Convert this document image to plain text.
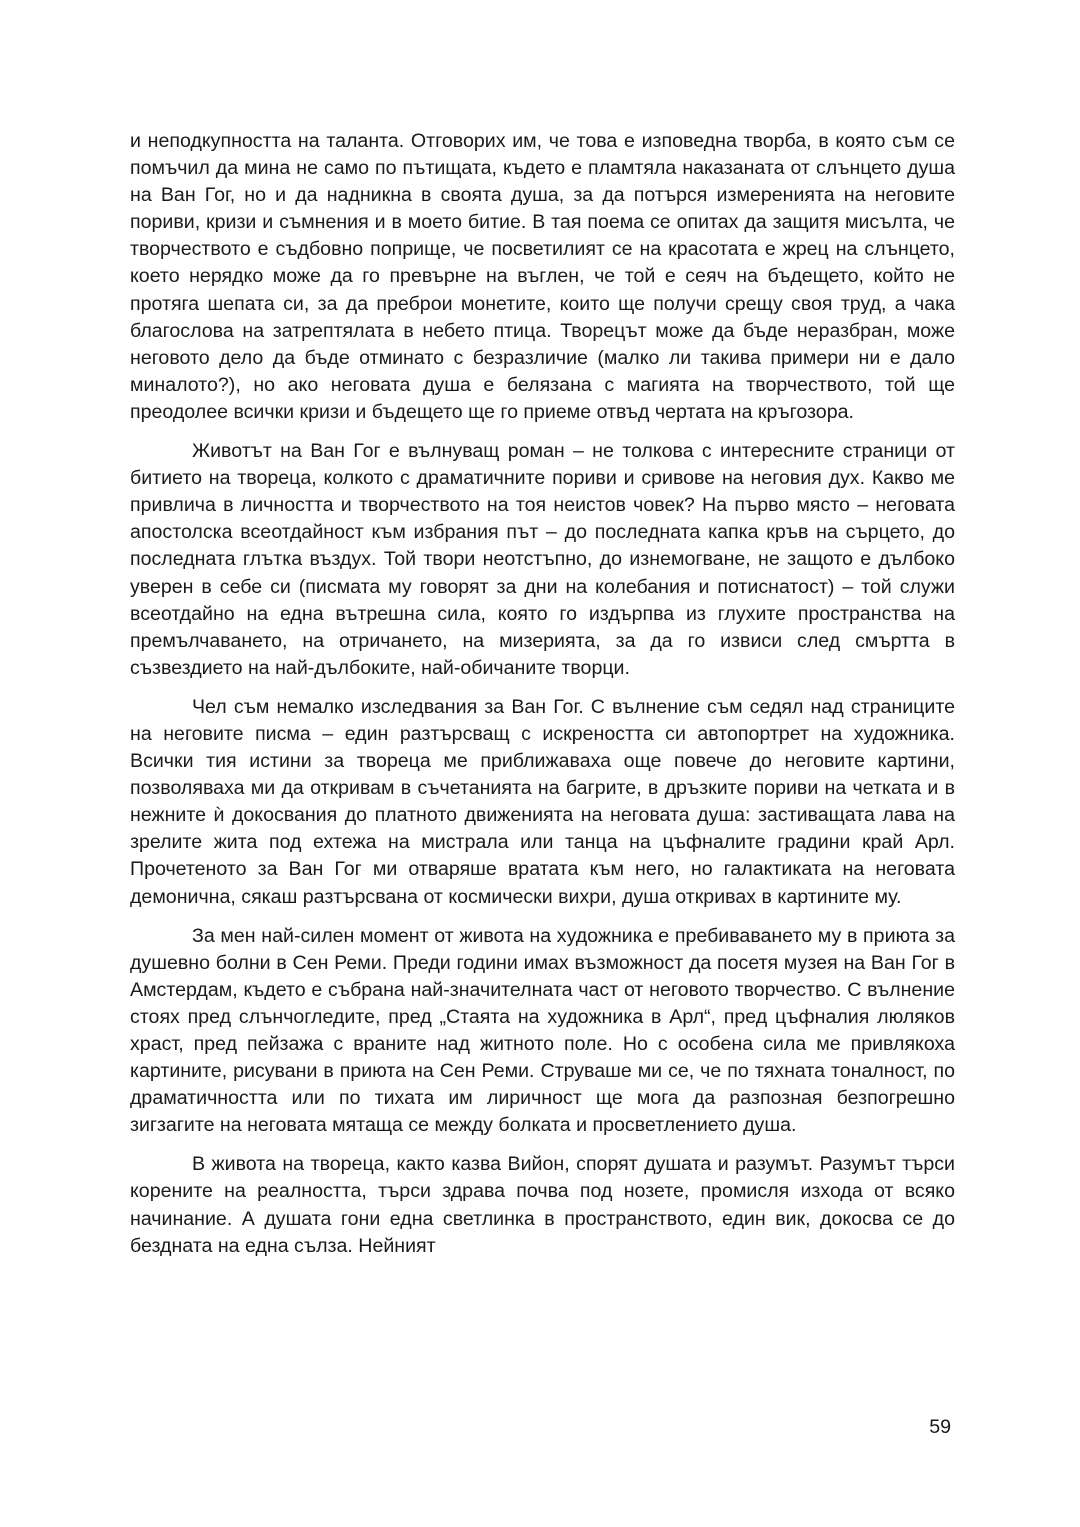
и неподкупността на таланта. Отговорих им, че това е изповедна творба, в която съм се помъчил да мина не само по пътищата, където е пламтяла наказаната от слънцето душа на Ван Гог, но и да надникна в своята душа, за да потърся измеренията на неговите пориви, кризи и съмнения и в моето битие. В тая поема се опитах да защитя мисълта, че творчеството е съдбовно поприще, че посветилият се на красотата е жрец на слънцето, което нерядко може да го превърне на въглен, че той е сеяч на бъдещето, който не протяга шепата си, за да преброи монетите, които ще получи срещу своя труд, а чака благослова на затрептялата в небето птица. Творецът може да бъде неразбран, може неговото дело да бъде отминато с безразличие (малко ли такива примери ни е дало миналото?), но ако неговата душа е белязана с магията на творчеството, той ще преодолее всички кризи и бъдещето ще го приеме отвъд чертата на кръгозора.

Животът на Ван Гог е вълнуващ роман – не толкова с интересните страници от битието на твореца, колкото с драматичните пориви и сривове на неговия дух. Какво ме привлича в личността и творчеството на тоя неистов човек? На първо място – неговата апостолска всеотдайност към избрания път – до последната капка кръв на сърцето, до последната глътка въздух. Той твори неотстъпно, до изнемогване, не защото е дълбоко уверен в себе си (писмата му говорят за дни на колебания и потиснатост) – той служи всеотдайно на една вътрешна сила, която го издърпва из глухите пространства на премълчаването, на отричането, на мизерията, за да го извиси след смъртта в съзвездието на най-дълбоките, най-обичаните творци.

Чел съм немалко изследвания за Ван Гог. С вълнение съм седял над страниците на неговите писма – един разтърсващ с искреността си автопортрет на художника. Всички тия истини за твореца ме приближаваха още повече до неговите картини, позволяваха ми да откривам в съчетанията на багрите, в дръзките пориви на четката и в нежните ѝ докосвания до платното движенията на неговата душа: застиващата лава на зрелите жита под ехтежа на мистрала или танца на цъфналите градини край Арл. Прочетеното за Ван Гог ми отваряше вратата към него, но галактиката на неговата демонична, сякаш разтърсвана от космически вихри, душа откривах в картините му.

За мен най-силен момент от живота на художника е пребиваването му в приюта за душевно болни в Сен Реми. Преди години имах възможност да посетя музея на Ван Гог в Амстердам, където е събрана най-значителната част от неговото творчество. С вълнение стоях пред слънчогледите, пред „Стаята на художника в Арл“, пред цъфналия люляков храст, пред пейзажа с враните над житното поле. Но с особена сила ме привлякоха картините, рисувани в приюта на Сен Реми. Струваше ми се, че по тяхната тоналност, по драматичността или по тихата им лиричност ще мога да разпозная безпогрешно зигзагите на неговата мятаща се между болката и просветлението душа.

В живота на твореца, както казва Вийон, спорят душата и разумът. Разумът търси корените на реалността, търси здрава почва под нозете, промисля изхода от всяко начинание. А душата гони една светлинка в пространството, един вик, докосва се до бездната на една сълза. Нейният

59
